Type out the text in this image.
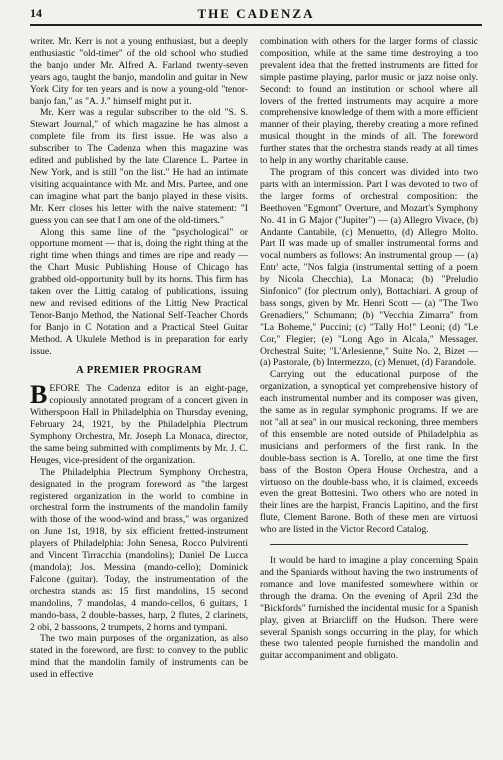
14	THE CADENZA

writer. Mr. Kerr is not a young enthusiast, but a deeply enthusiastic "old-timer" of the old school who studied the banjo under Mr. Alfred A. Farland twenty-seven years ago, taught the banjo, mandolin and guitar in New York City for ten years and is now a young-old "tenor-banjo fan," as "A. J." himself might put it.

Mr. Kerr was a regular subscriber to the old "S. S. Stewart Journal," of which magazine he has almost a complete file from its first issue. He was also a subscriber to The Cadenza when this magazine was edited and published by the late Clarence L. Partee in New York, and is still "on the list." He had an intimate visiting acquaintance with Mr. and Mrs. Partee, and one can imagine what part the banjo played in these visits. Mr. Kerr closes his letter with the naive statement: "I guess you can see that I am one of the old-timers."

Along this same line of the "psychological" or opportune moment — that is, doing the right thing at the right time when things and times are ripe and ready — the Chart Music Publishing House of Chicago has grabbed old-opportunity bull by its horns. This firm has taken over the Littig catalog of publications, issuing new and revised editions of the Littig New Practical Tenor-Banjo Method, the National Self-Teacher Chords for Banjo in C Notation and a Practical Steel Guitar Method. A Ukulele Method is in preparation for early issue.

A PREMIER PROGRAM

BEFORE The Cadenza editor is an eight-page, copiously annotated program of a concert given in Witherspoon Hall in Philadelphia on Thursday evening, February 24, 1921, by the Philadelphia Plectrum Symphony Orchestra, Mr. Joseph La Monaca, director, the same being submitted with compliments by Mr. J. C. Heuges, vice-president of the organization.

The Philadelphia Plectrum Symphony Orchestra, designated in the program foreword as "the largest registered organization in the world to combine in orchestral form the instruments of the mandolin family with those of the wood-wind and brass," was organized on June 1st, 1918, by six efficient fretted-instrument players of Philadelphia: John Senesa, Rocco Pulvirenti and Vincent Tirracchia (mandolins); Daniel De Lucca (mandola); Jos. Messina (mando-cello); Dominick Falcone (guitar). Today, the instrumentation of the orchestra stands as: 15 first mandolins, 15 second mandolins, 7 mandolas, 4 mando-cellos, 6 guitars, 1 mando-bass, 2 double-basses, harp, 2 flutes, 2 clarinets, 2 obi, 2 bassoons, 2 trumpets, 2 horns and tympani.

The two main purposes of the organization, as also stated in the foreword, are first: to convey to the public mind that the mandolin family of instruments can be used in effective

combination with others for the larger forms of classic composition, while at the same time destroying a too prevalent idea that the fretted instruments are fitted for simple pastime playing, parlor music or jazz noise only. Second: to found an institution or school where all lovers of the fretted instruments may acquire a more comprehensive knowledge of them with a more efficient manner of their playing, thereby creating a more refined musical thought in the minds of all. The foreword further states that the orchestra stands ready at all times to help in any worthy charitable cause.

The program of this concert was divided into two parts with an intermission. Part I was devoted to two of the larger forms of orchestral composition: the Beethoven "Egmont" Overture, and Mozart's Symphony No. 41 in G Major ("Jupiter") — (a) Allegro Vivace, (b) Andante Cantabile, (c) Menuetto, (d) Allegro Molto. Part II was made up of smaller instrumental forms and vocal numbers as follows: An instrumental group — (a) Entr' acte, "Nos falgia (instrumental setting of a poem by Nicola Checchia), La Monaca; (b) "Preludio Sinfonico" (for plectrum only), Bottachiari. A group of bass songs, given by Mr. Henri Scott — (a) "The Two Grenadiers," Schumann; (b) "Vecchia Zimarra" from "La Boheme," Puccini; (c) "Tally Ho!" Leoni; (d) "Le Cor," Flegier; (e) "Long Ago in Alcala," Messager. Orchestral Suite; "L'Arlesienne," Suite No. 2, Bizet — (a) Pastorale, (b) Intermezzo, (c) Menuet, (d) Farandole.

Carrying out the educational purpose of the organization, a synoptical yet comprehensive history of each instrumental number and its composer was given, the same as in regular symphonic programs. If we are not "all at sea" in our musical reckoning, three members of this ensemble are noted outside of Philadelphia as musicians and performers of the first rank. In the double-bass section is A. Torello, at one time the first bass of the Boston Opera House Orchestra, and a virtuoso on the double-bass who, it is claimed, exceeds even the great Bottesini. Two others who are noted in their lines are the harpist, Francis Lapitino, and the first flute, Clement Barone. Both of these men are virtuosi who are listed in the Victor Record Catalog.

It would be hard to imagine a play concerning Spain and the Spaniards without having the two instruments of romance and love manifested somewhere within or through the drama. On the evening of April 23d the "Bickfords" furnished the incidental music for a Spanish play, given at Briarcliff on the Hudson. There were several Spanish songs occurring in the play, for which these two talented people furnished the mandolin and guitar accompaniment and obligato.
